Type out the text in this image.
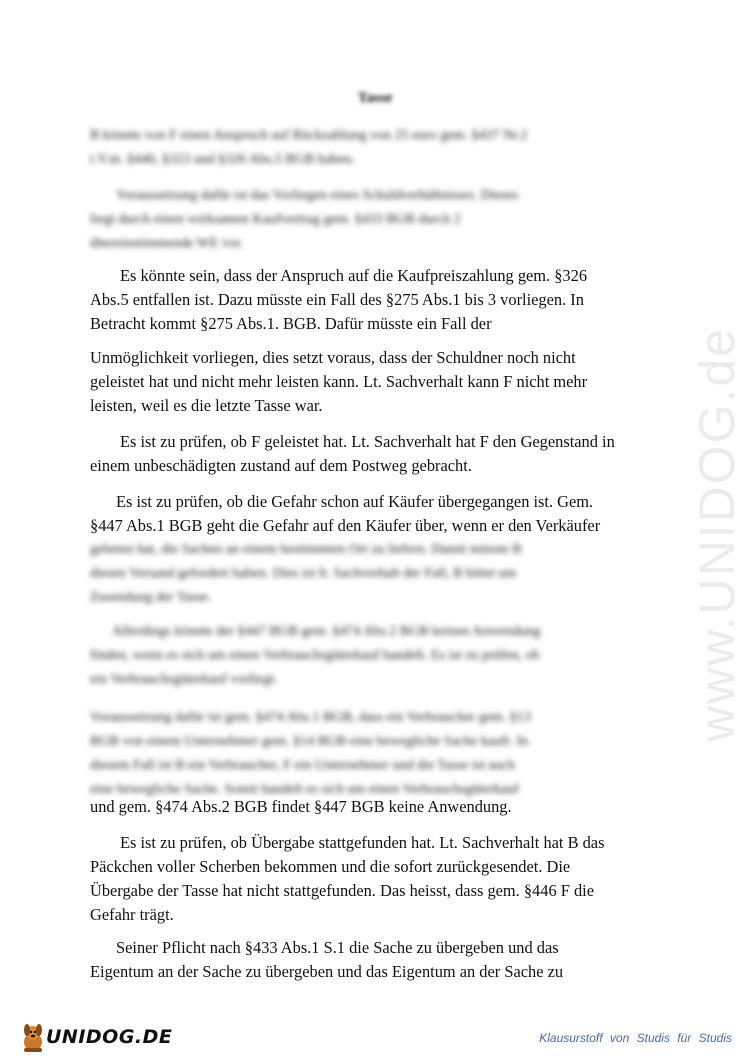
www.UNIDOG.de
Tasse
B könnte von F einen Anspruch auf Rückzahlung von 25 euro gem. §437 Nr.2
i.V.m. §440, §323 und §326 Abs.5 BGB haben.
Voraussetzung dafür ist das Vorliegen eines Schuldverhältnisses. Dieses
liegt durch einen wirksamen Kaufvertrag gem. §433 BGB durch 2
übereinstimmende WE vor.
Es könnte sein, dass der Anspruch auf die Kaufpreiszahlung gem. §326
Abs.5 entfallen ist. Dazu müsste ein Fall des §275 Abs.1 bis 3 vorliegen. In
Betracht kommt §275 Abs.1. BGB. Dafür müsste ein Fall der
Unmöglichkeit vorliegen, dies setzt voraus, dass der Schuldner noch nicht
geleistet hat und nicht mehr leisten kann. Lt. Sachverhalt kann F nicht mehr
leisten, weil es die letzte Tasse war.
Es ist zu prüfen, ob F geleistet hat. Lt. Sachverhalt hat F den Gegenstand in
einem unbeschädigten zustand auf dem Postweg gebracht.
Es ist zu prüfen, ob die Gefahr schon auf Käufer übergegangen ist. Gem.
§447 Abs.1 BGB geht die Gefahr auf den Käufer über, wenn er den Verkäufer
gebeten hat, die Sachen an einem bestimmten Ort zu liefern. Damit müsste B
diesen Versand gefordert haben. Dies ist lt. Sachverhalt der Fall, B bittet um
Zusendung der Tasse.
Allerdings könnte der §447 BGB gem. §474 Abs.2 BGB keinen Anwendung
finden, wenn es sich um einen Verbrauchsgüterkauf handelt. Es ist zu prüfen, ob
ein Verbrauchsgüterkauf vorliegt.
Voraussetzung dafür ist gem. §474 Abs.1 BGB, dass ein Verbraucher gem. §13
BGB von einem Unternehmer gem. §14 BGB eine bewegliche Sache kauft. In
diesem Fall ist B ein Verbraucher, F ein Unternehmer und die Tasse ist auch
eine bewegliche Sache. Somit handelt es sich um einen Verbrauchsgüterkauf
und gem. §474 Abs.2 BGB findet §447 BGB keine Anwendung.
Es ist zu prüfen, ob Übergabe stattgefunden hat. Lt. Sachverhalt hat B das
Päckchen voller Scherben bekommen und die sofort zurückgesendet. Die
Übergabe der Tasse hat nicht stattgefunden. Das heisst, dass gem. §446 F die
Gefahr trägt.
Seiner Pflicht nach §433 Abs.1 S.1 die Sache zu übergeben und das
Eigentum an der Sache zu übergeben und das Eigentum an der Sache zu
UNIDOG.DE	Klausurstoff von Studis für Studis
